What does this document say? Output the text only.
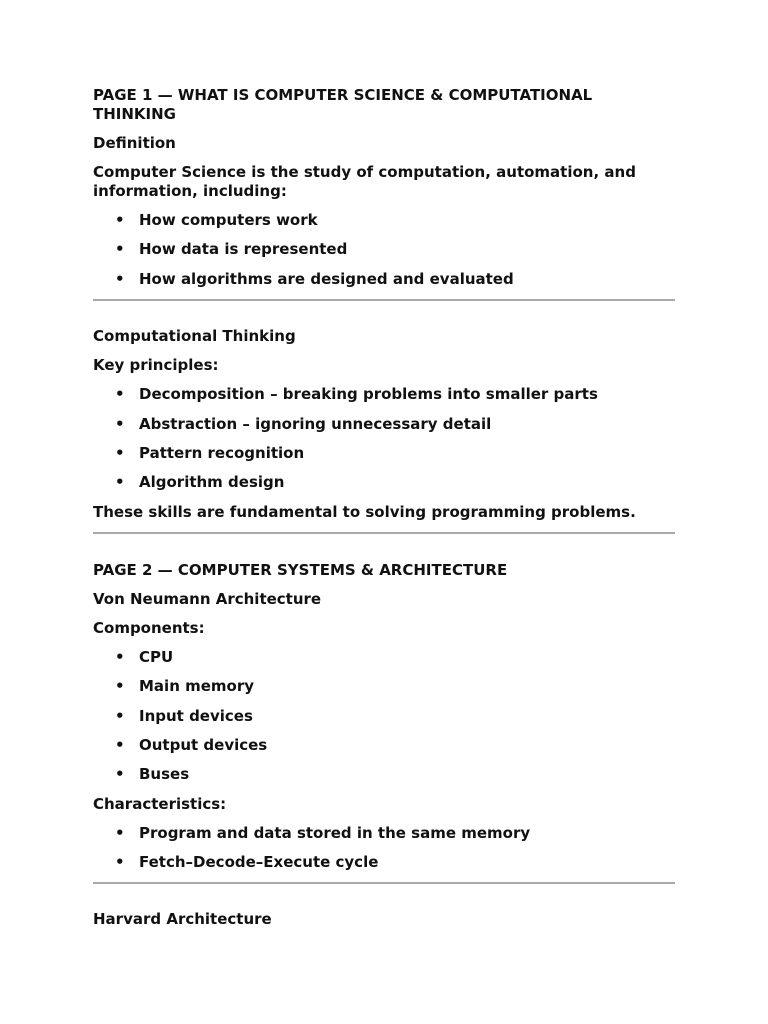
PAGE 1 — WHAT IS COMPUTER SCIENCE & COMPUTATIONAL THINKING
Definition
Computer Science is the study of computation, automation, and information, including:
• How computers work
• How data is represented
• How algorithms are designed and evaluated
Computational Thinking
Key principles:
• Decomposition – breaking problems into smaller parts
• Abstraction – ignoring unnecessary detail
• Pattern recognition
• Algorithm design
These skills are fundamental to solving programming problems.
PAGE 2 — COMPUTER SYSTEMS & ARCHITECTURE
Von Neumann Architecture
Components:
• CPU
• Main memory
• Input devices
• Output devices
• Buses
Characteristics:
• Program and data stored in the same memory
• Fetch–Decode–Execute cycle
Harvard Architecture
